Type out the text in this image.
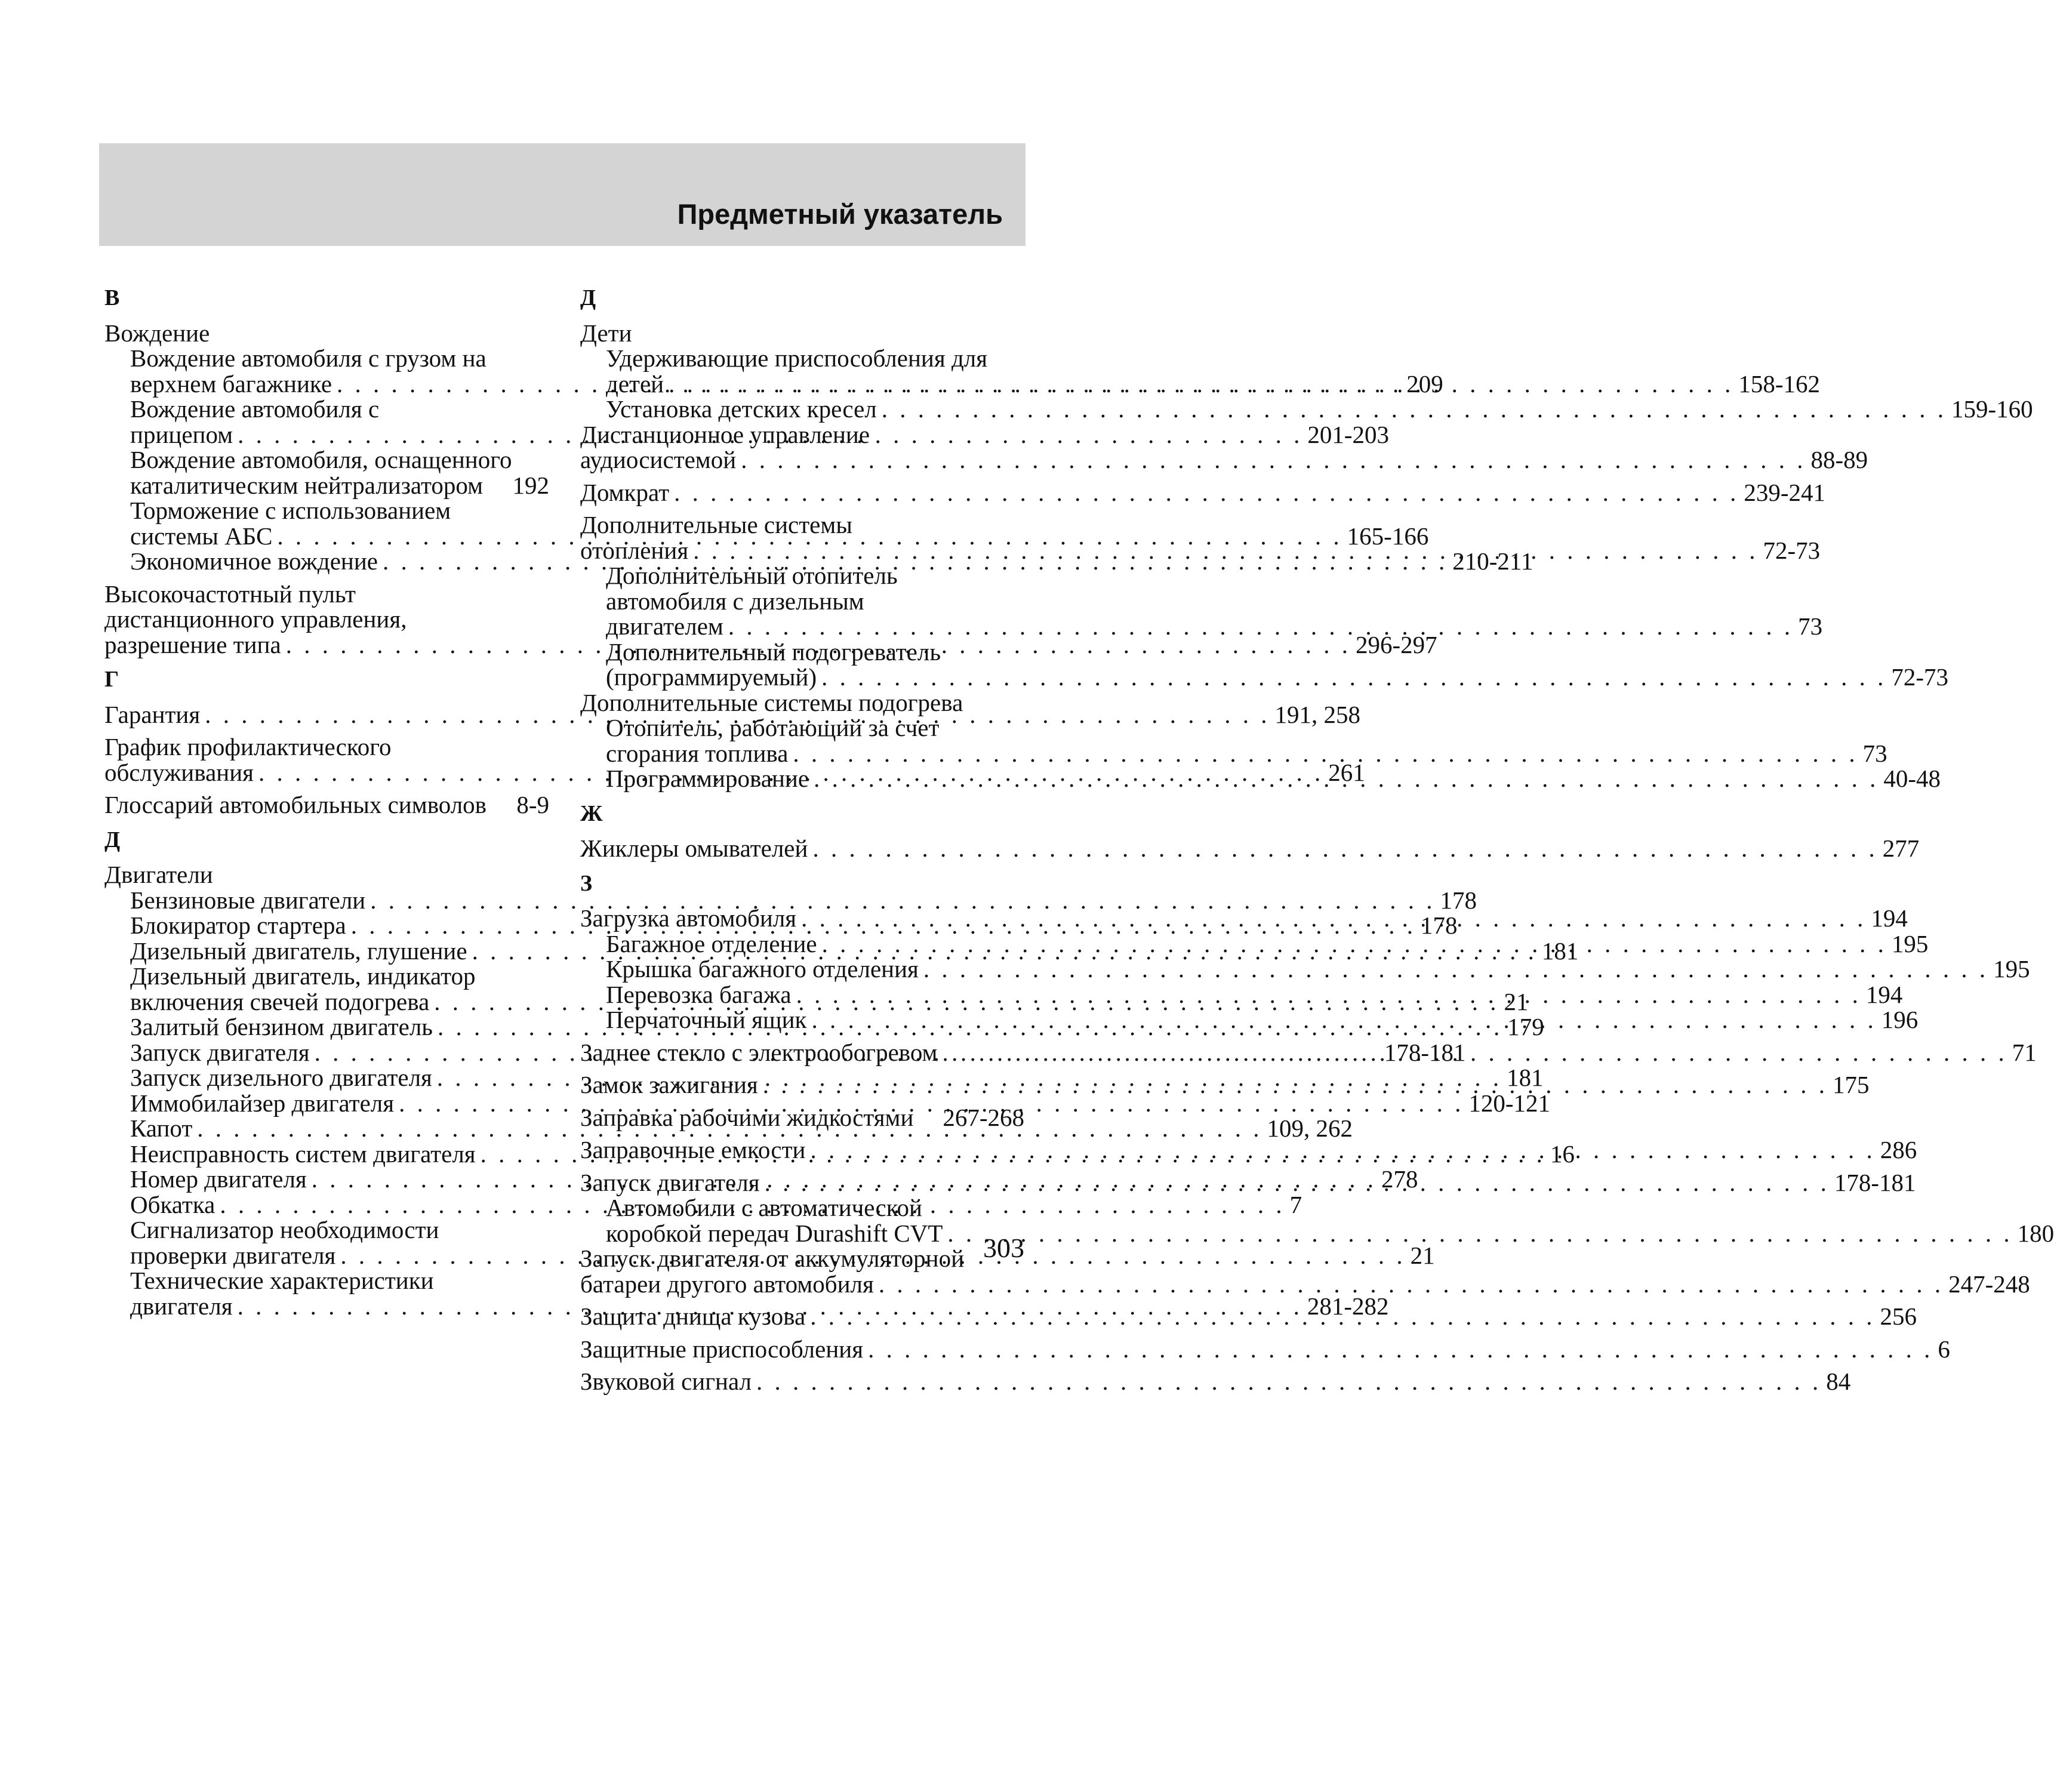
Предметный указатель
В
Вождение
Вождение автомобиля с грузом на
верхнем багажнике . . .	209
Вождение автомобиля с
прицепом . . .	201-203
Вождение автомобиля, оснащенного
каталитическим нейтрализатором 192
Торможение с использованием
системы АБС . . .	165-166
Экономичное вождение . . .	210-211
Высокочастотный пульт
дистанционного управления,
разрешение типа . . .	296-297
Г
Гарантия . . .	191, 258
График профилактического
обслуживания . . .	261
Глоссарий автомобильных символов 8-9
Д
Двигатели
Бензиновые двигатели . . .	178
Блокиратор стартера . . .	178
Дизельный двигатель, глушение . . .	181
Дизельный двигатель, индикатор
включения свечей подогрева . . .	21
Залитый бензином двигатель . . .	179
Запуск двигателя . . .	178-181
Запуск дизельного двигателя . . .	181
Иммобилайзер двигателя . . .	120-121
Капот . . .	109, 262
Неисправность систем двигателя . . .	16
Номер двигателя . . .	278
Обкатка . . .	7
Сигнализатор необходимости
проверки двигателя . . .	21
Технические характеристики
двигателя . . .	281-282
Д
Дети
Удерживающие приспособления для
детей . . .	158-162
Установка детских кресел . . .	159-160
Дистанционное управление
аудиосистемой . . .	88-89
Домкрат . . .	239-241
Дополнительные системы
отопления . . .	72-73
Дополнительный отопитель
автомобиля с дизельным
двигателем . . .	73
Дополнительный подогреватель
(программируемый) . . .	72-73
Дополнительные системы подогрева
Отопитель, работающий за счет
сгорания топлива . . .	73
Программирование . . .	40-48
Ж
Жиклеры омывателей . . .	277
З
Загрузка автомобиля . . .	194
Багажное отделение . . .	195
Крышка багажного отделения . . .	195
Перевозка багажа . . .	194
Перчаточный ящик . . .	196
Заднее стекло с электрообогревом . . .	71
Замок зажигания . . .	175
Заправка рабочими жидкостями 267-268
Заправочные емкости . . .	286
Запуск двигателя . . .	178-181
Автомобили с автоматической
коробкой передач Durashift CVT . . .	180
Запуск двигателя от аккумуляторной
батареи другого автомобиля . . .	247-248
Защита днища кузова . . .	256
Защитные приспособления . . .	6
Звуковой сигнал . . .	84
303
